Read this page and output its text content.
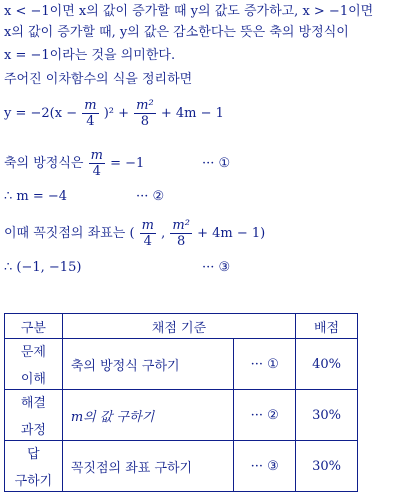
x < −1이면 x의 값이 증가할 때 y의 값도 증가하고, x > −1이면
x의 값이 증가할 때, y의 값은 감소한다는 뜻은 축의 방정식이
x = −1이라는 것을 의미한다.
주어진 이차함수의 식을 정리하면
$y = -2(x - \frac{m}{4} )^2 + \frac{\text{m²}}{8} + 4m - 1$
축의 방정식은 $\frac{m}{4} = -1$	··· ①
∴ m = −4	··· ②
이때 꼭짓점의 좌표는 ( $\frac{m}{4}$ , $\frac{\text{m²}}{8} + 4m - 1$)
∴ (−1, −15)	··· ③
구분	채점 기준		배점

문제
이해	축의 방정식 구하기	··· ①	40%

해결
과정	m의 값 구하기	··· ②	30%

답
구하기	꼭짓점의 좌표 구하기	··· ③	30%
